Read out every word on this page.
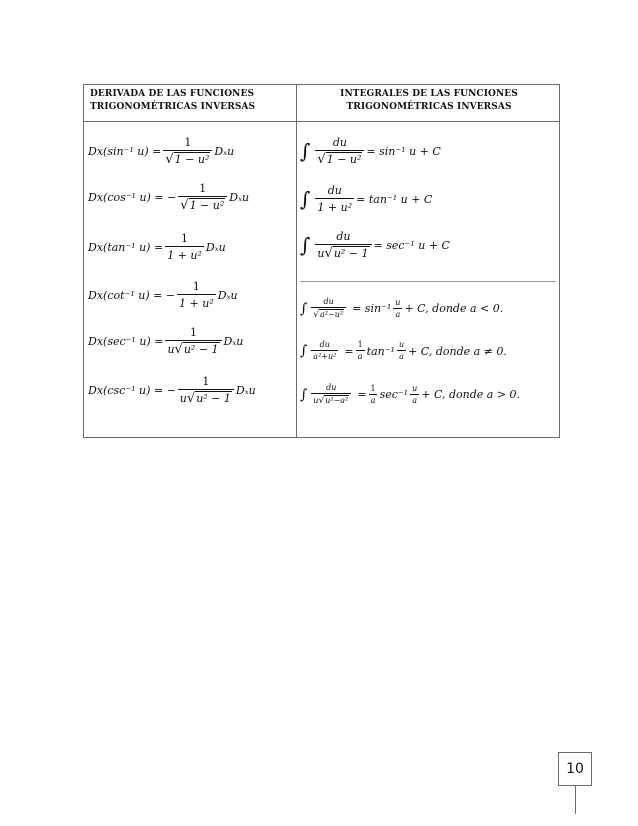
DERIVADA DE LAS FUNCIONES
TRIGONOMÉTRICAS INVERSAS
INTEGRALES DE LAS FUNCIONES
TRIGONOMÉTRICAS INVERSAS
Dx(sin⁻¹ $u) = \frac{1}{\text{√ 1 − u²}}$ Dₓu
Dx(cos⁻¹ u) = − $\frac{1}{\text{√ 1 − u²}}$ Dₓu
Dx(tan⁻¹ $u) = \frac{1}{\text{1 + u²}}$ Dₓu
Dx(cot⁻¹ u) = − $\frac{1}{\text{1 + u²}}$ Dₓu
Dx(sec⁻¹ $u) = \frac{1}{\text{u √ u² − 1}}$ Dₓu
Dx(csc⁻¹ u) = − $\frac{1}{\text{u √ u² − 1}}$ Dₓu
∫ $\frac{du}{\text{√ 1 − u²}} = \sin^{-1}$ u + C
∫ $\frac{du}{\text{1 + u²}} = \tan^{-1}$ u + C
∫ $\frac{du}{\text{u √ u² − 1}} = \sec^{-1}$ u + C
∫ $\frac{du}{\text{√ a²−u²}} = \sin^{-1} \frac{u}{a} + C$, donde a < 0.
∫ $\frac{du}{\text{a²+u²}} = \frac{1}{a} \tan^{-1} \frac{u}{a} + C$, donde a ≠ 0.
∫ $\frac{du}{\text{u √ u²−a²}} = \frac{1}{a} \sec^{-1} \frac{u}{a} + C$, donde a > 0.
10
